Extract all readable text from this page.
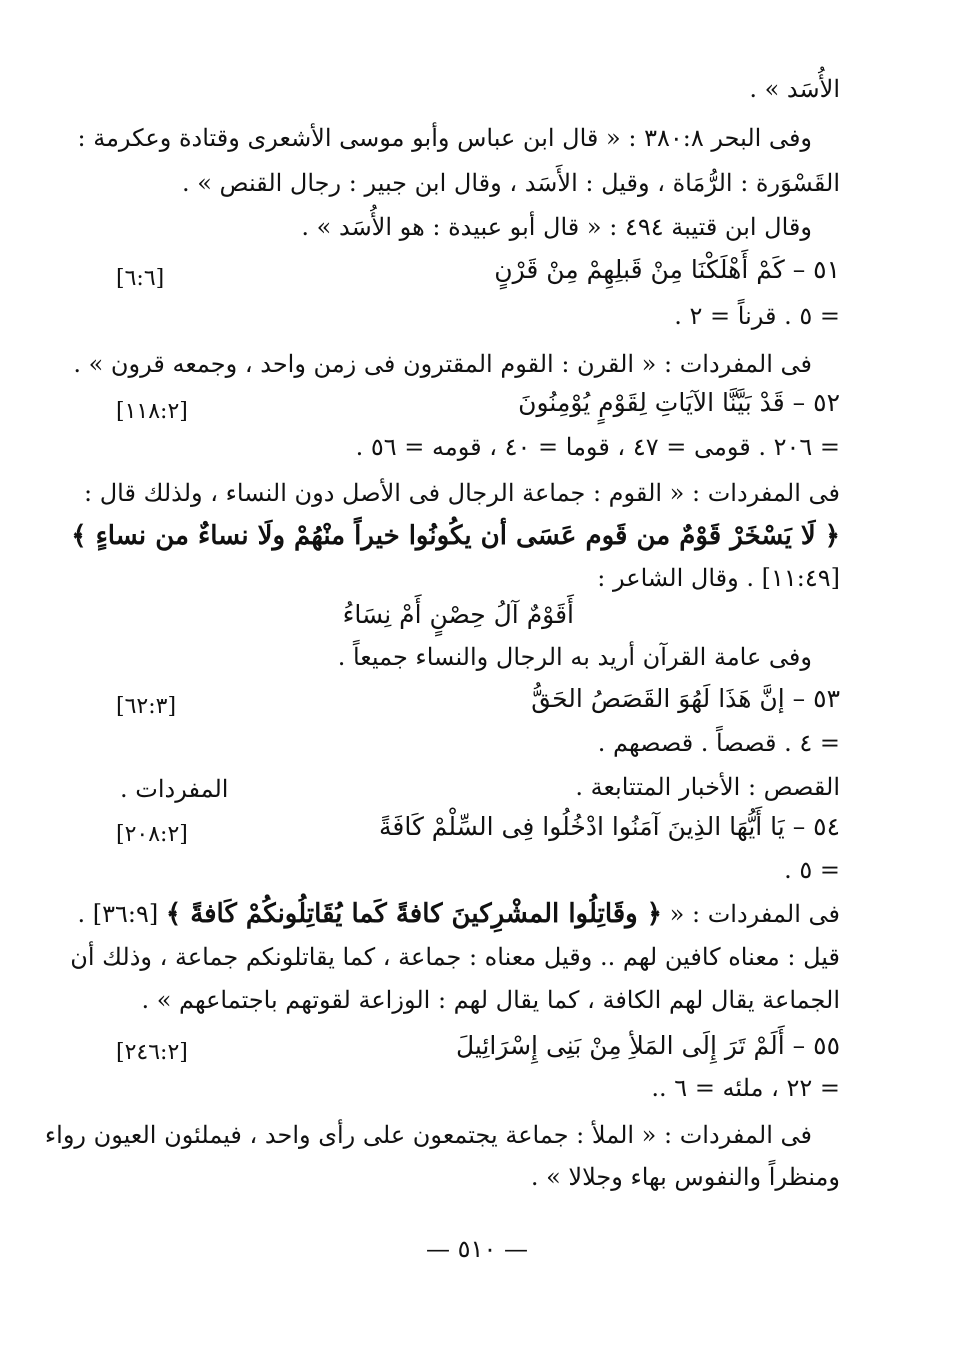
الأُسَد » .
وفى البحر ٣٨٠:٨ : « قال ابن عباس وأبو موسى الأشعرى وقتادة وعكرمة :
القَسْوَرة : الرُّمَاة ، وقيل : الأَسَد ، وقال ابن جبير : رجال القنص » .
وقال ابن قتيبة ٤٩٤ : « قال أبو عبيدة : هو الأُسَد » .
٥١ – كَمْ أَهْلَكْنَا مِنْ قَبلِهِمْ مِنْ قَرْنٍ
[٦:٦]
= ٥ . قرناً = ٢ .
فى المفردات : « القرن : القوم المقترون فى زمن واحد ، وجمعه قرون » .
٥٢ – قَدْ بَيَّنَّا الآيَاتِ لِقَوْمٍ يُوْمِنُونَ
[١١٨:٢]
= ٢٠٦ . قومى = ٤٧ ، قوما = ٤٠ ، قومه = ٥٦ .
فى المفردات : « القوم : جماعة الرجال فى الأصل دون النساء ، ولذلك قال :
﴿ لَا يَسْخَرْ قَوْمٌ من قَوم عَسَى أن يكُونُوا خيراً منْهُمْ ولَا نساءٌ من نساءٍ ﴾
[١١:٤٩] . وقال الشاعر :
أَقَوْمٌ آلُ حِصْنٍ أَمْ نِسَاءُ
وفى عامة القرآن أريد به الرجال والنساء جميعاً .
٥٣ – إنَّ هَذَا لَهُوَ القَصَصُ الحَقُّ
[٦٢:٣]
= ٤ . قصصاً . قصصهم .
القصص : الأخبار المتتابعة .
المفردات .
٥٤ – يَا أَيُّهَا الذِينَ آمَنُوا ادْخُلُوا فِى السِّلْمْ كَافَةً
[٢٠٨:٢]
= ٥ .
فى المفردات : « ﴿ وقَاتِلُوا المشْرِكينَ كافةً كَما يُقَاتِلُونكُمْ كَافةً ﴾ [٣٦:٩] .
قيل : معناه كافين لهم .. وقيل معناه : جماعة ، كما يقاتلونكم جماعة ، وذلك أن
الجماعة يقال لهم الكافة ، كما يقال لهم : الوزاعة لقوتهم باجتماعهم » .
٥٥ – أَلَمْ تَرَ إِلَى المَلأِ مِنْ بَنِى إِسْرَائِيلَ
[٢٤٦:٢]
= ٢٢ ، ملئه = ٦ ..
فى المفردات : « الملأ : جماعة يجتمعون على رأى واحد ، فيملئون العيون رواء
ومنظراً والنفوس بهاء وجلالا » .
— ٥١٠ —
